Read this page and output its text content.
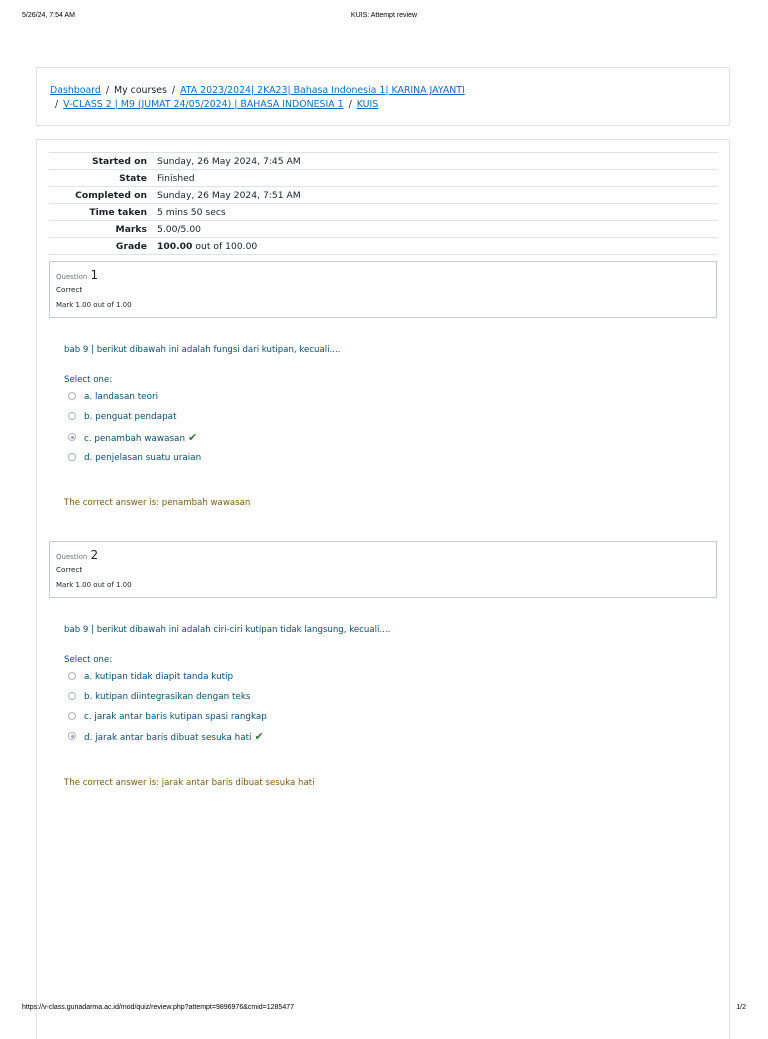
5/26/24, 7:54 AM	KUIS: Attempt review
Dashboard / My courses / ATA 2023/2024| 2KA23| Bahasa Indonesia 1| KARINA JAYANTI
/ V-CLASS 2 | M9 (JUMAT 24/05/2024) | BAHASA INDONESIA 1 / KUIS
Started on	Sunday, 26 May 2024, 7:45 AM
State	Finished
Completed on	Sunday, 26 May 2024, 7:51 AM
Time taken	5 mins 50 secs
Marks	5.00/5.00
Grade	100.00 out of 100.00
Question 1
Correct
Mark 1.00 out of 1.00
bab 9 | berikut dibawah ini adalah fungsi dari kutipan, kecuali....
Select one:
a. landasan teori
b. penguat pendapat
c. penambah wawasan ✔
d. penjelasan suatu uraian
The correct answer is: penambah wawasan
Question 2
Correct
Mark 1.00 out of 1.00
bab 9 | berikut dibawah ini adalah ciri-ciri kutipan tidak langsung, kecuali....
Select one:
a. kutipan tidak diapit tanda kutip
b. kutipan diintegrasikan dengan teks
c. jarak antar baris kutipan spasi rangkap
d. jarak antar baris dibuat sesuka hati ✔
The correct answer is: jarak antar baris dibuat sesuka hati
https://v-class.gunadarma.ac.id/mod/quiz/review.php?attempt=9896976&cmid=1285477	1/2
